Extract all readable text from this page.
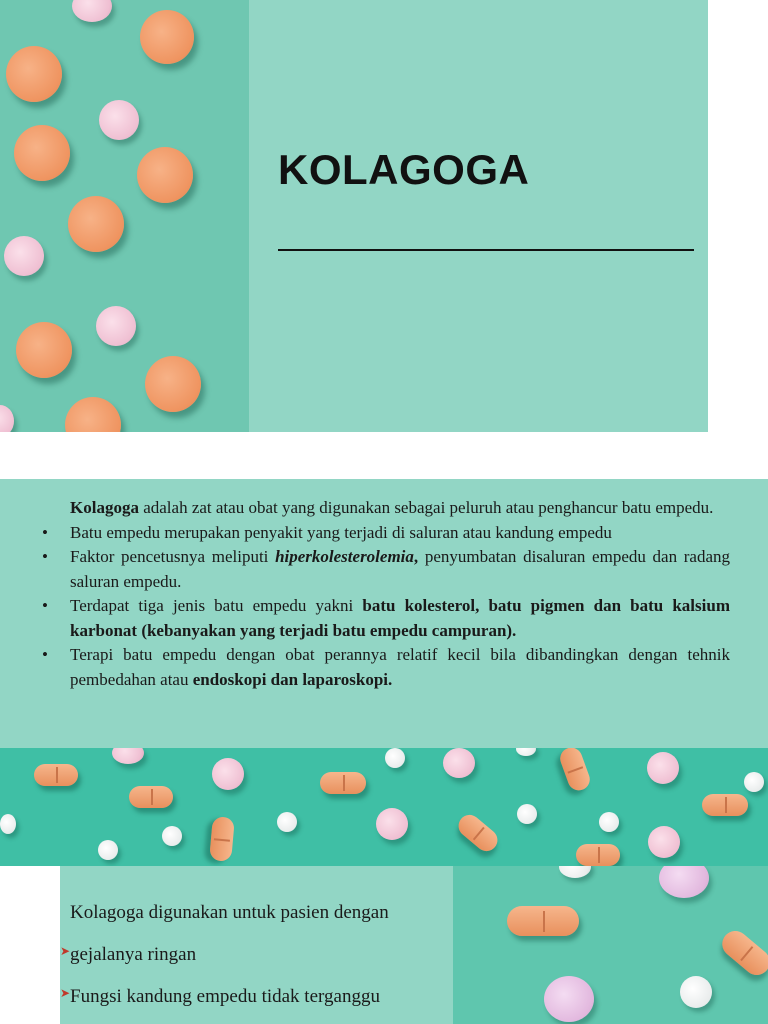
KOLAGOGA

Kolagoga adalah zat atau obat yang digunakan sebagai peluruh atau penghancur batu empedu.

• Batu empedu merupakan penyakit yang terjadi di saluran atau kandung empedu
• Faktor pencetusnya meliputi hiperkolesterolemia, penyumbatan disaluran empedu dan radang saluran empedu.
• Terdapat tiga jenis batu empedu yakni batu kolesterol, batu pigmen dan batu kalsium karbonat (kebanyakan yang terjadi batu empedu campuran).
• Terapi batu empedu dengan obat perannya relatif kecil bila dibandingkan dengan tehnik pembedahan atau endoskopi dan laparoskopi.
Kolagoga digunakan untuk pasien dengan
➤ gejalanya ringan
➤ Fungsi kandung empedu tidak terganggu
